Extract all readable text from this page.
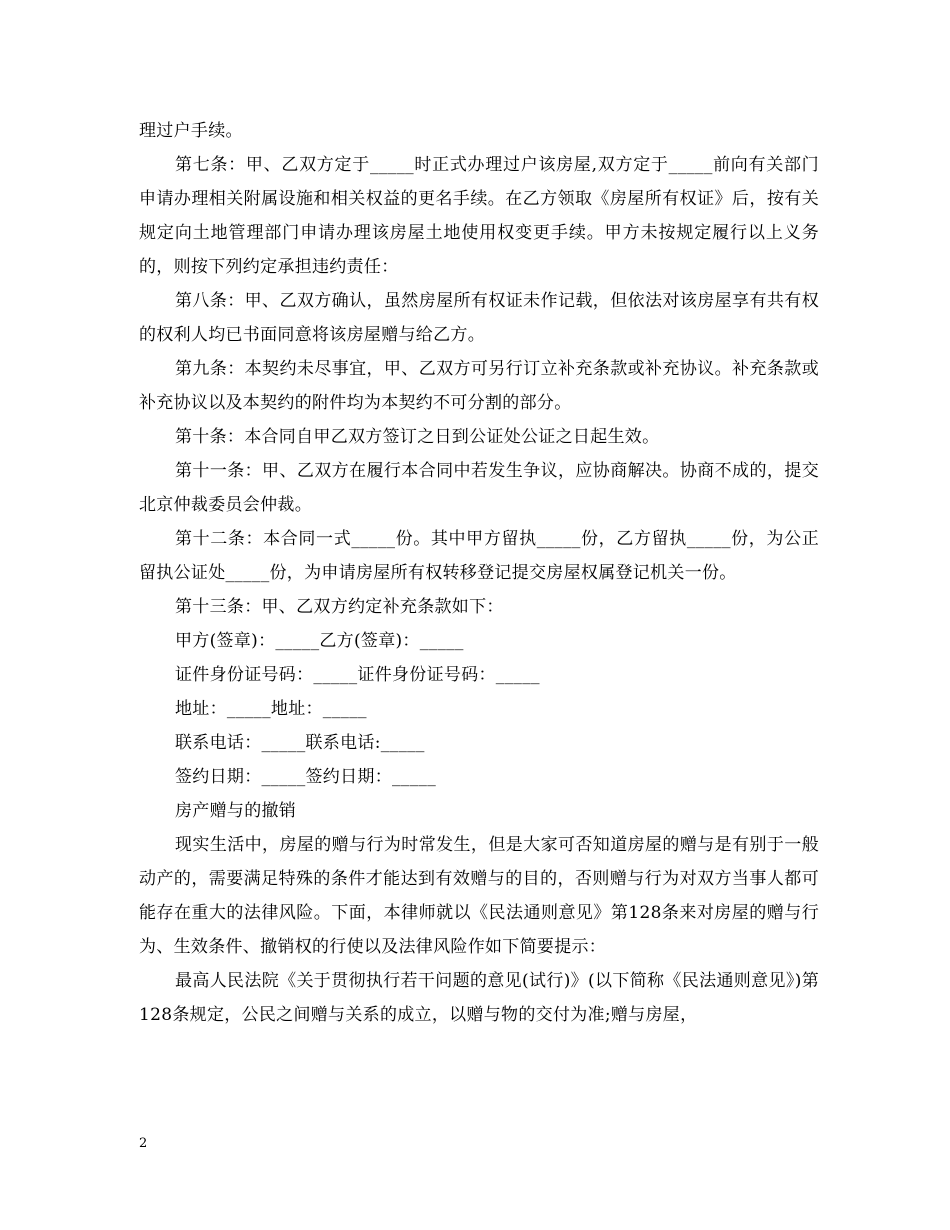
理过户手续。

第七条：甲、乙双方定于_____时正式办理过户该房屋,双方定于_____前向有关部门申请办理相关附属设施和相关权益的更名手续。在乙方领取《房屋所有权证》后，按有关规定向土地管理部门申请办理该房屋土地使用权变更手续。甲方未按规定履行以上义务的，则按下列约定承担违约责任：

第八条：甲、乙双方确认，虽然房屋所有权证未作记载，但依法对该房屋享有共有权的权利人均已书面同意将该房屋赠与给乙方。

第九条：本契约未尽事宜，甲、乙双方可另行订立补充条款或补充协议。补充条款或补充协议以及本契约的附件均为本契约不可分割的部分。

第十条：本合同自甲乙双方签订之日到公证处公证之日起生效。

第十一条：甲、乙双方在履行本合同中若发生争议，应协商解决。协商不成的，提交北京仲裁委员会仲裁。

第十二条：本合同一式_____份。其中甲方留执_____份，乙方留执_____份，为公正留执公证处_____份，为申请房屋所有权转移登记提交房屋权属登记机关一份。

第十三条：甲、乙双方约定补充条款如下：

甲方(签章)：_____乙方(签章)：_____

证件身份证号码：_____证件身份证号码：_____

地址：_____地址：_____

联系电话：_____联系电话:_____

签约日期：_____签约日期：_____

房产赠与的撤销

现实生活中，房屋的赠与行为时常发生，但是大家可否知道房屋的赠与是有别于一般动产的，需要满足特殊的条件才能达到有效赠与的目的，否则赠与行为对双方当事人都可能存在重大的法律风险。下面，本律师就以《民法通则意见》第128条来对房屋的赠与行为、生效条件、撤销权的行使以及法律风险作如下简要提示：

最高人民法院《关于贯彻执行若干问题的意见(试行)》(以下简称《民法通则意见》)第128条规定，公民之间赠与关系的成立，以赠与物的交付为准;赠与房屋，

2
